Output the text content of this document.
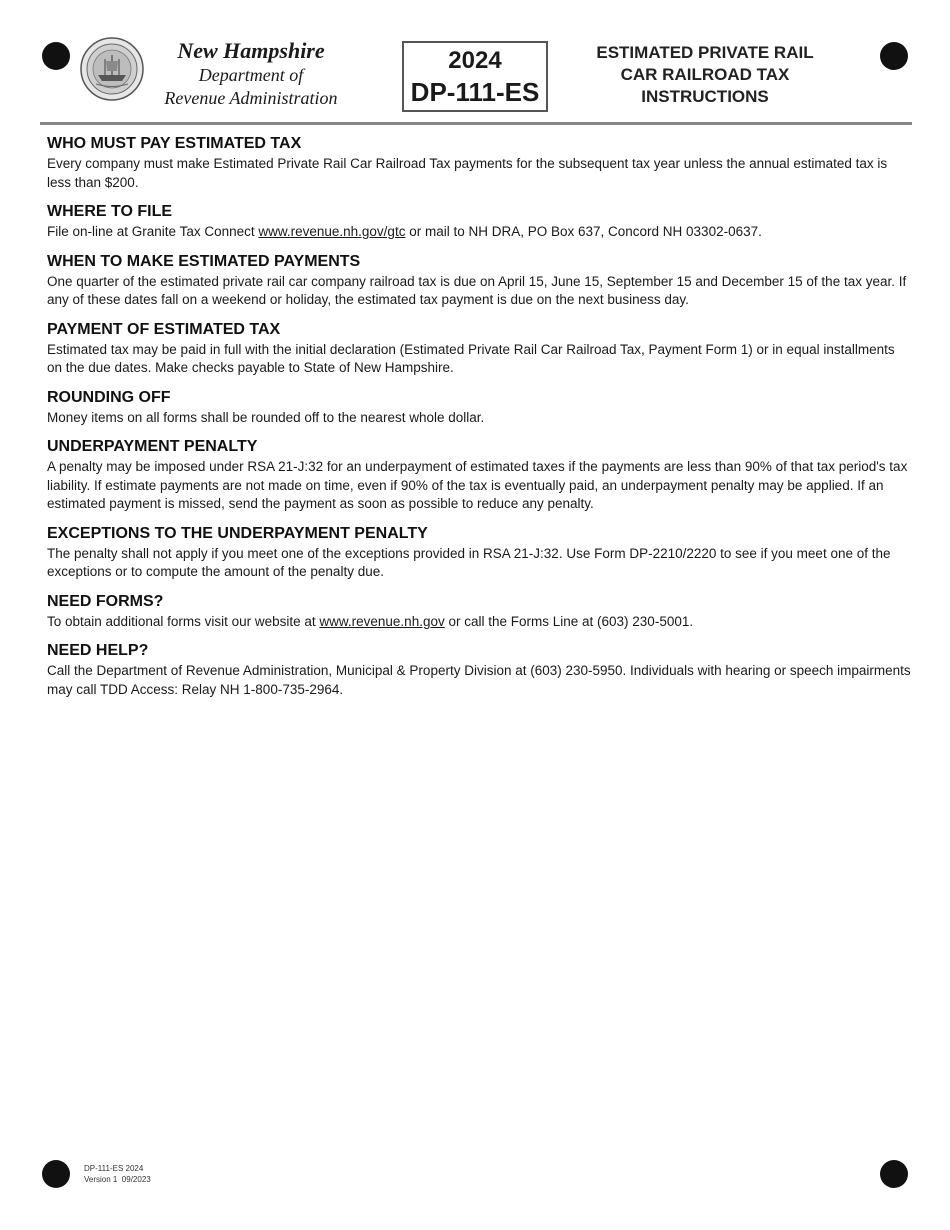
New Hampshire
Department of
Revenue Administration
2024
DP-111-ES
ESTIMATED PRIVATE RAIL
CAR RAILROAD TAX
INSTRUCTIONS
WHO MUST PAY ESTIMATED TAX

Every company must make Estimated Private Rail Car Railroad Tax payments for the subsequent tax year unless the annual estimated tax is less than $200.

WHERE TO FILE

File on-line at Granite Tax Connect www.revenue.nh.gov/gtc or mail to NH DRA, PO Box 637, Concord NH 03302-0637.

WHEN TO MAKE ESTIMATED PAYMENTS

One quarter of the estimated private rail car company railroad tax is due on April 15, June 15, September 15 and December 15 of the tax year. If any of these dates fall on a weekend or holiday, the estimated tax payment is due on the next business day.

PAYMENT OF ESTIMATED TAX

Estimated tax may be paid in full with the initial declaration (Estimated Private Rail Car Railroad Tax, Payment Form 1) or in equal installments on the due dates. Make checks payable to State of New Hampshire.

ROUNDING OFF

Money items on all forms shall be rounded off to the nearest whole dollar.

UNDERPAYMENT PENALTY

A penalty may be imposed under RSA 21-J:32 for an underpayment of estimated taxes if the payments are less than 90% of that tax period's tax liability. If estimate payments are not made on time, even if 90% of the tax is eventually paid, an underpayment penalty may be applied. If an estimated payment is missed, send the payment as soon as possible to reduce any penalty.

EXCEPTIONS TO THE UNDERPAYMENT PENALTY

The penalty shall not apply if you meet one of the exceptions provided in RSA 21-J:32. Use Form DP-2210/2220 to see if you meet one of the exceptions or to compute the amount of the penalty due.

NEED FORMS?

To obtain additional forms visit our website at www.revenue.nh.gov or call the Forms Line at (603) 230-5001.

NEED HELP?

Call the Department of Revenue Administration, Municipal & Property Division at (603) 230-5950. Individuals with hearing or speech impairments may call TDD Access: Relay NH 1-800-735-2964.

DP-111-ES 2024
Version 1  09/2023
